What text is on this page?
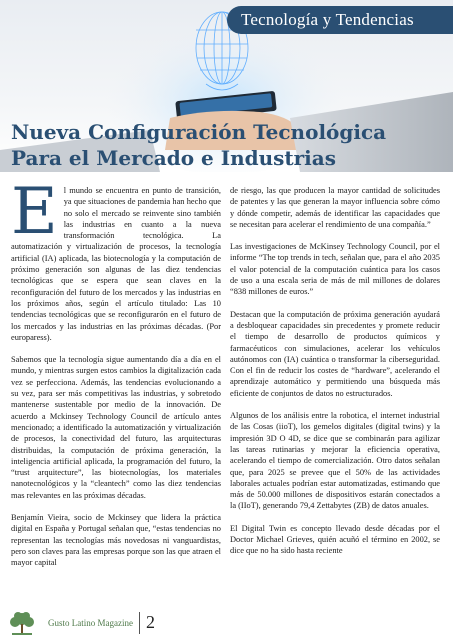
Tecnología y Tendencias
Nueva Configuración Tecnológica
Para el Mercado e Industrias

El mundo se encuentra en punto de transición, ya que situaciones de pandemia han hecho que no solo el mercado se reinvente sino también las industrias en cuanto a la nueva transformación tecnológica. La automatización y virtualización de procesos, la tecnología artificial (IA) aplicada, las biotecnología y la computación de próximo generación son algunas de las diez tendencias tecnológicas que se espera que sean claves en la reconfiguración del futuro de los mercados y las industrias en los próximos años, según el artículo titulado: Las 10 tendencias tecnológicas que se reconfigurarón en el futuro de los mercados y las industrias en las próximas décadas. (Por europaress).

Sabemos que la tecnología sigue aumentando día a día en el mundo, y mientras surgen estos cambios la digitalización cada vez se perfecciona. Además, las tendencias evolucionando a su vez, para ser más competitivas las industrias, y sobretodo mantenerse sustentable por medio de la innovación. De acuerdo a Mckinsey Technology Council de artículo antes mencionado; a identificado la automatización y virtualización de procesos, la conectividad del futuro, las arquitecturas distribuidas, la computación de próxima generación, la inteligencia artificial aplicada, la programación del futuro, la “trust arquitecture”, las biotecnologías, los materiales nanotecnológicos y la “cleantech” como las diez tendencias mas relevantes en las próximas décadas.

Benjamín Vieira, socio de Mckinsey que lidera la práctica digital en España y Portugal señalan que, “estas tendencias no representan las tecnologías más novedosas ni vanguardistas, pero son claves para las empresas porque son las que atraen el mayor capital

de riesgo, las que producen la mayor cantidad de solicitudes de patentes y las que generan la mayor influencia sobre cómo y dónde competir, además de identificar las capacidades que se necesitan para acelerar el rendimiento de una compañía.”

Las investigaciones de McKinsey Technology Council, por el informe “The top trends in tech, señalan que, para el año 2035 el valor potencial de la computación cuántica para los casos de uso a una escala seria de más de mil millones de dolares “838 millones de euros.”

Destacan que la computación de próxima generación ayudará a desbloquear capacidades sin precedentes y promete reducir el tiempo de desarrollo de productos químicos y farmacéuticos con simulaciones, acelerar los vehículos autónomos con (IA) cuántica o transformar la ciberseguridad. Con el fin de reducir los costes de “hardware”, acelerando el aprendizaje automático y permitiendo una búsqueda más eficiente de conjuntos de datos no estructurados.

Algunos de los análisis entre la robotica, el internet industrial de las Cosas (iioT), los gemelos digitales (digital twins) y la impresión 3D O 4D, se dice que se combinarán para agilizar las tareas rutinarias y mejorar la eficiencia operativa, acelerando el tiempo de comercialización. Otro datos señalan que, para 2025 se prevee que el 50% de las actividades laborales actuales podrían estar automatizadas, estimando que más de 50.000 millones de dispositivos estarán conectados a la (IIoT), generando 79,4 Zettabytes (ZB) de datos anuales.

El Digital Twin es concepto llevado desde décadas por el Doctor Michael Grieves, quién acuñó el término en 2002, se dice que no ha sido hasta reciente

Gusto Latino Magazine 2
